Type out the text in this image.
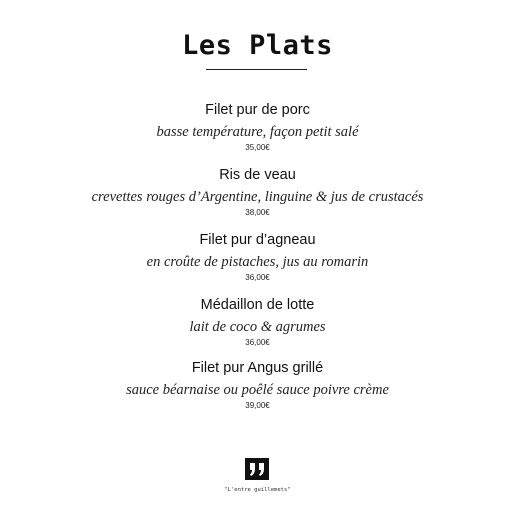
Les Plats
Filet pur de porc
basse température, façon petit salé
35,00€
Ris de veau
crevettes rouges d’Argentine, linguine & jus de crustacés
38,00€
Filet pur d’agneau
en croûte de pistaches, jus au romarin
36,00€
Médaillon de lotte
lait de coco & agrumes
36,00€
Filet pur Angus grillé
sauce béarnaise ou poêlé sauce poivre crème
39,00€
"L'entre guillemets"
